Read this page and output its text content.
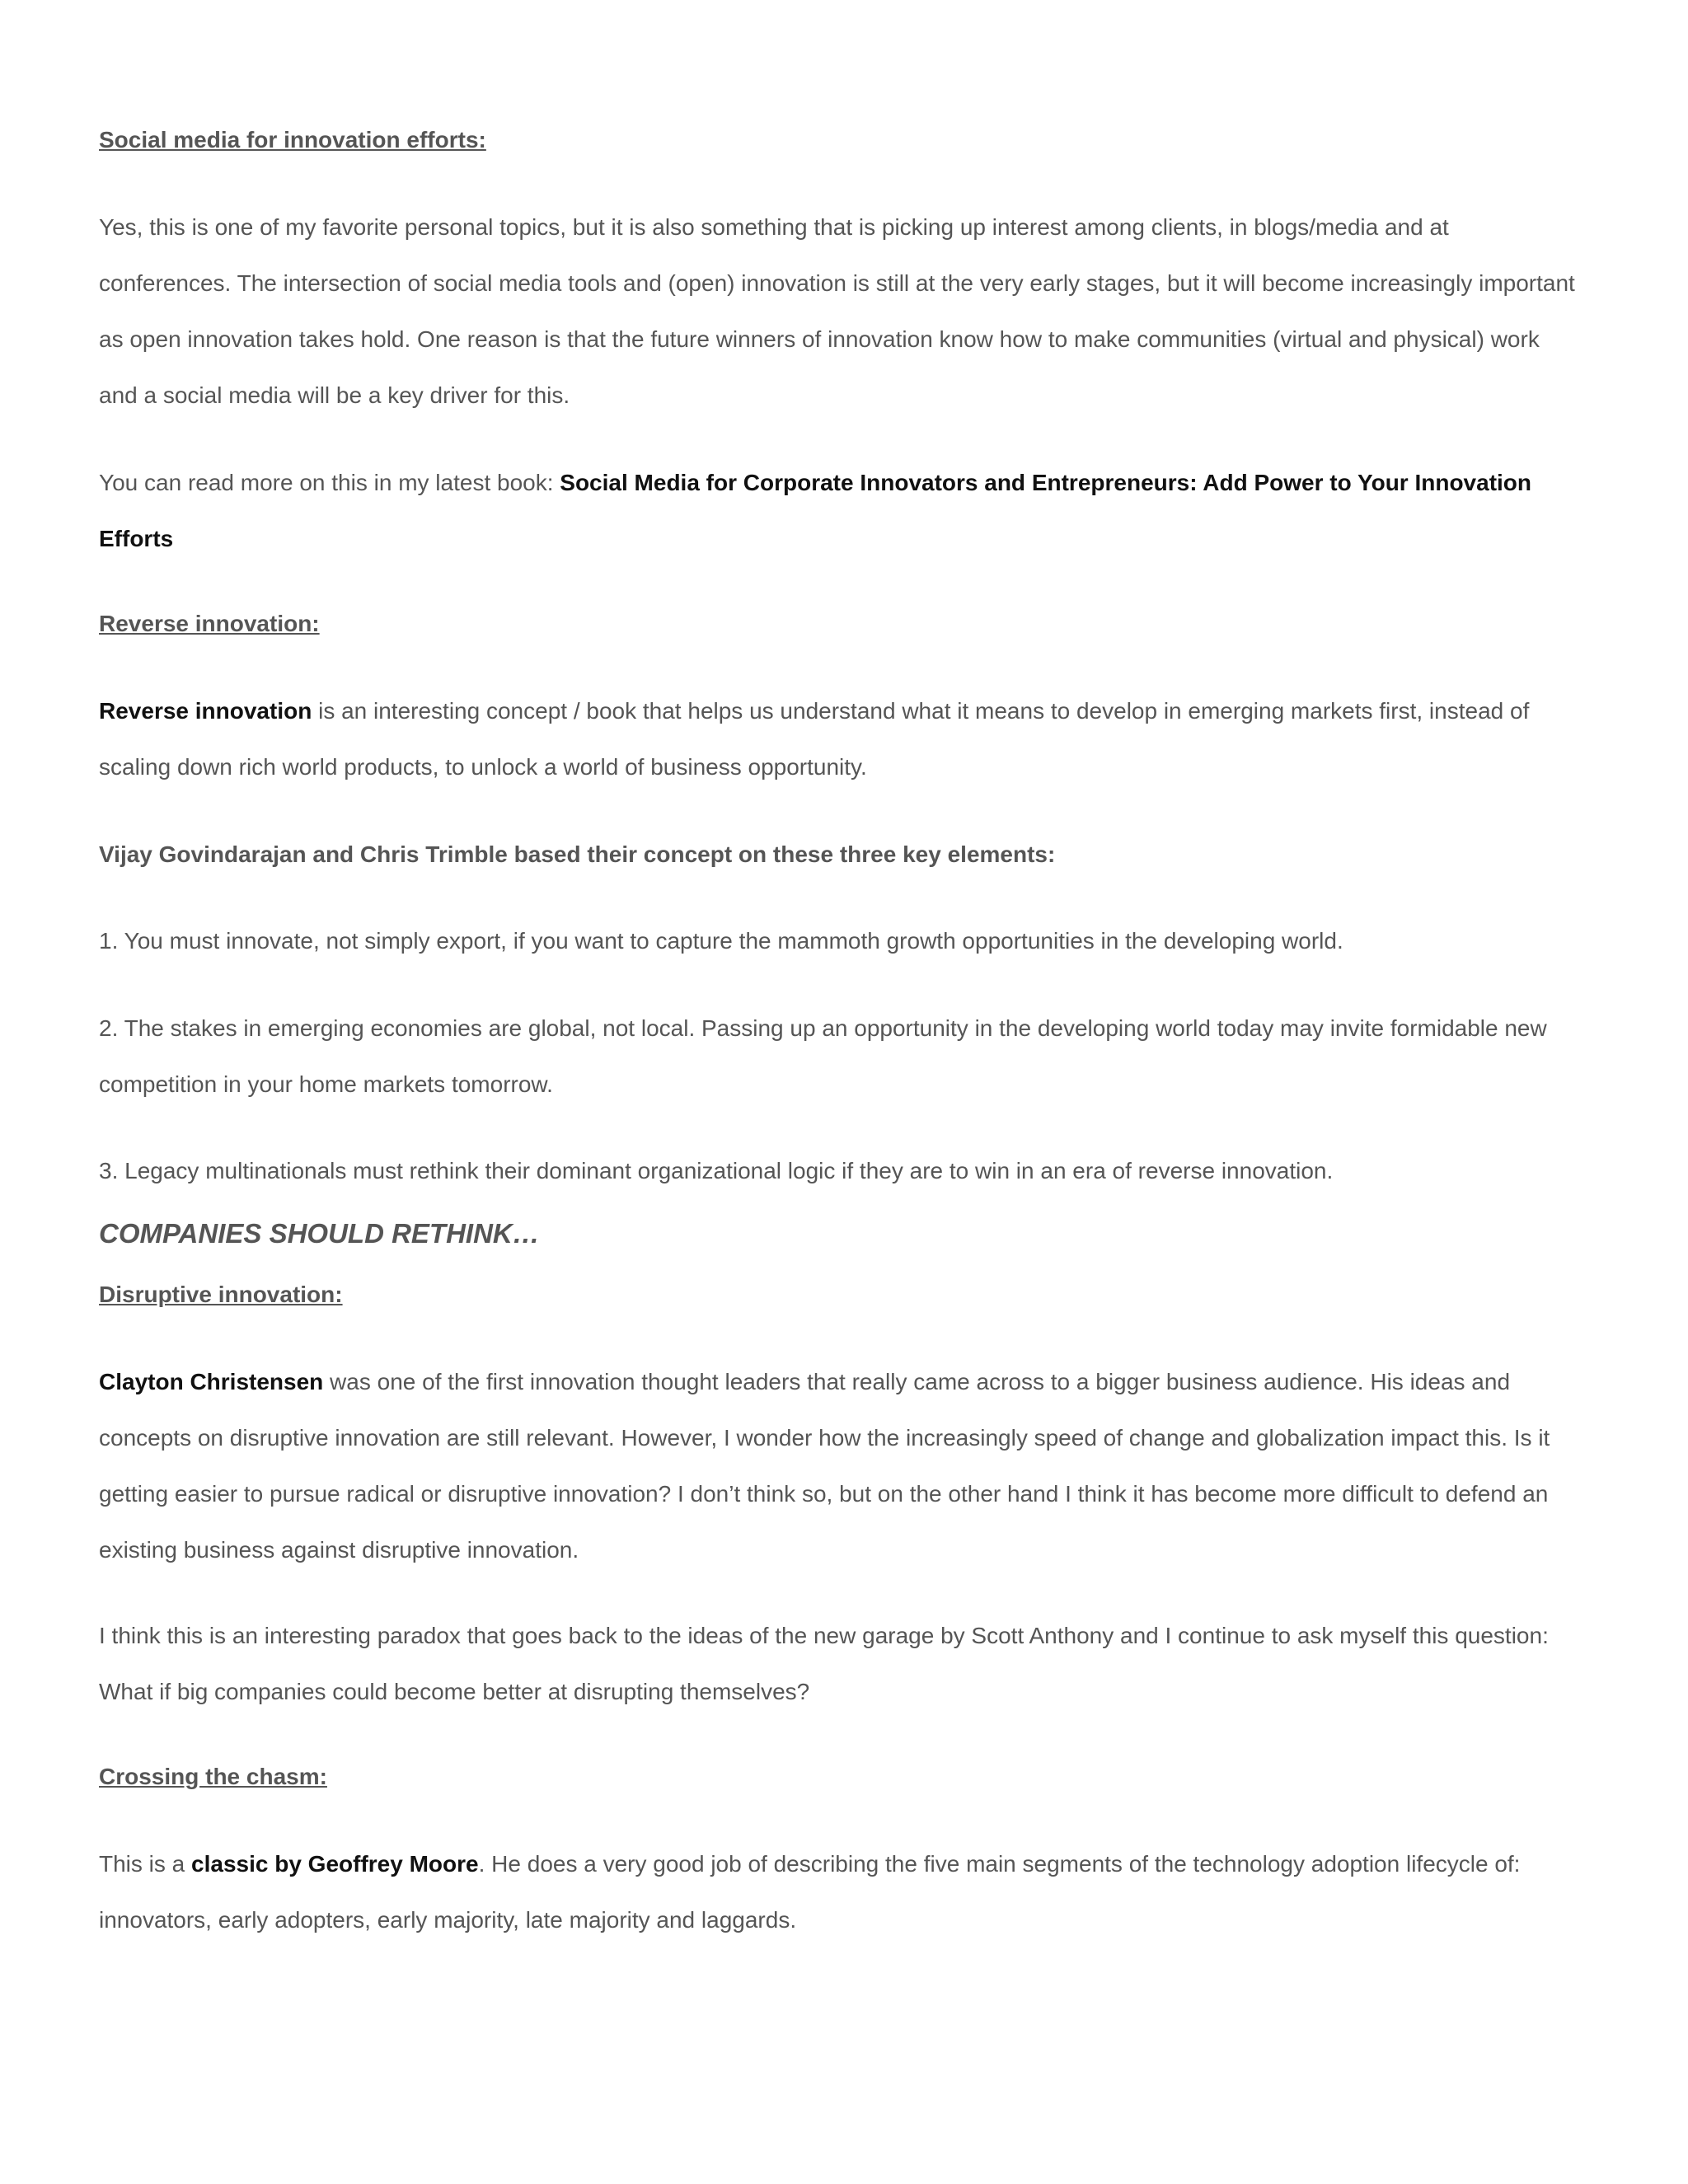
Social media for innovation efforts:

Yes, this is one of my favorite personal topics, but it is also something that is picking up interest among clients, in blogs/media and at conferences. The intersection of social media tools and (open) innovation is still at the very early stages, but it will become increasingly important as open innovation takes hold. One reason is that the future winners of innovation know how to make communities (virtual and physical) work and a social media will be a key driver for this.

You can read more on this in my latest book: Social Media for Corporate Innovators and Entrepreneurs: Add Power to Your Innovation Efforts

Reverse innovation:

Reverse innovation is an interesting concept / book that helps us understand what it means to develop in emerging markets first, instead of scaling down rich world products, to unlock a world of business opportunity.

Vijay Govindarajan and Chris Trimble based their concept on these three key elements:

1. You must innovate, not simply export, if you want to capture the mammoth growth opportunities in the developing world.

2. The stakes in emerging economies are global, not local. Passing up an opportunity in the developing world today may invite formidable new competition in your home markets tomorrow.

3. Legacy multinationals must rethink their dominant organizational logic if they are to win in an era of reverse innovation.

COMPANIES SHOULD RETHINK…
Disruptive innovation:

Clayton Christensen was one of the first innovation thought leaders that really came across to a bigger business audience. His ideas and concepts on disruptive innovation are still relevant. However, I wonder how the increasingly speed of change and globalization impact this. Is it getting easier to pursue radical or disruptive innovation? I don’t think so, but on the other hand I think it has become more difficult to defend an existing business against disruptive innovation.

I think this is an interesting paradox that goes back to the ideas of the new garage by Scott Anthony and I continue to ask myself this question: What if big companies could become better at disrupting themselves?

Crossing the chasm:

This is a classic by Geoffrey Moore. He does a very good job of describing the five main segments of the technology adoption lifecycle of: innovators, early adopters, early majority, late majority and laggards.
